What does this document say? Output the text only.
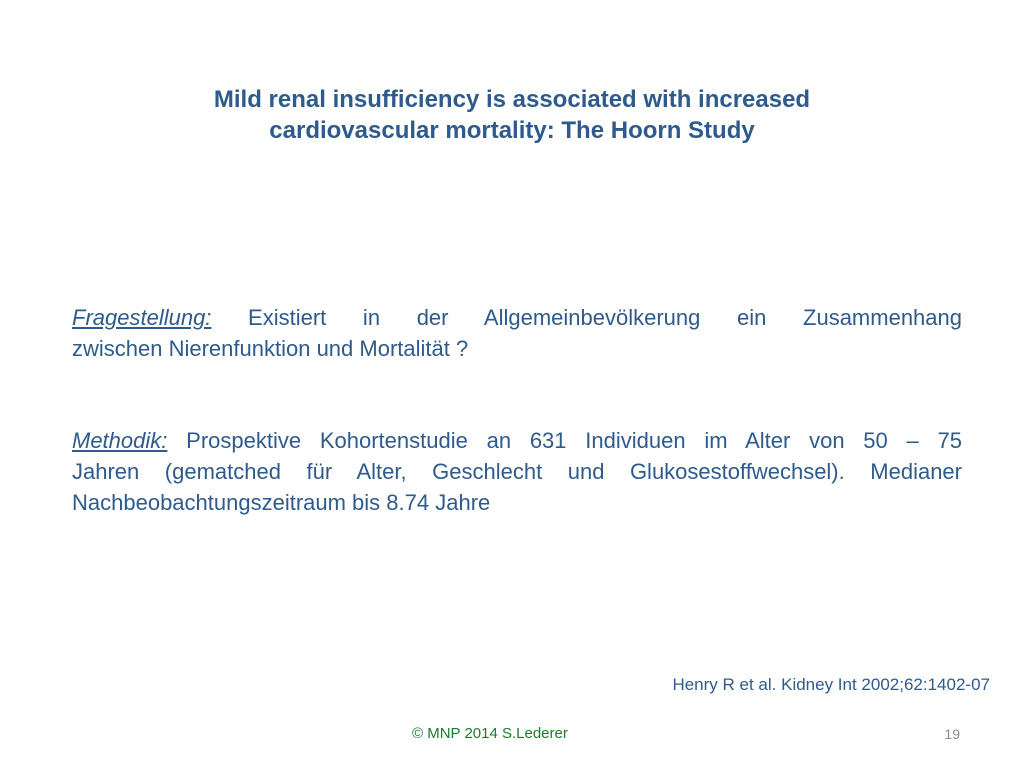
Mild renal insufficiency is associated with increased
cardiovascular mortality: The Hoorn Study
Fragestellung: Existiert in der Allgemeinbevölkerung ein Zusammenhang
zwischen Nierenfunktion und Mortalität ?
Methodik: Prospektive Kohortenstudie an 631 Individuen im Alter von 50 – 75
Jahren (gematched für Alter, Geschlecht und Glukosestoffwechsel). Medianer
Nachbeobachtungszeitraum bis 8.74 Jahre
Henry R et al. Kidney Int 2002;62:1402-07
© MNP 2014 S.Lederer	19
